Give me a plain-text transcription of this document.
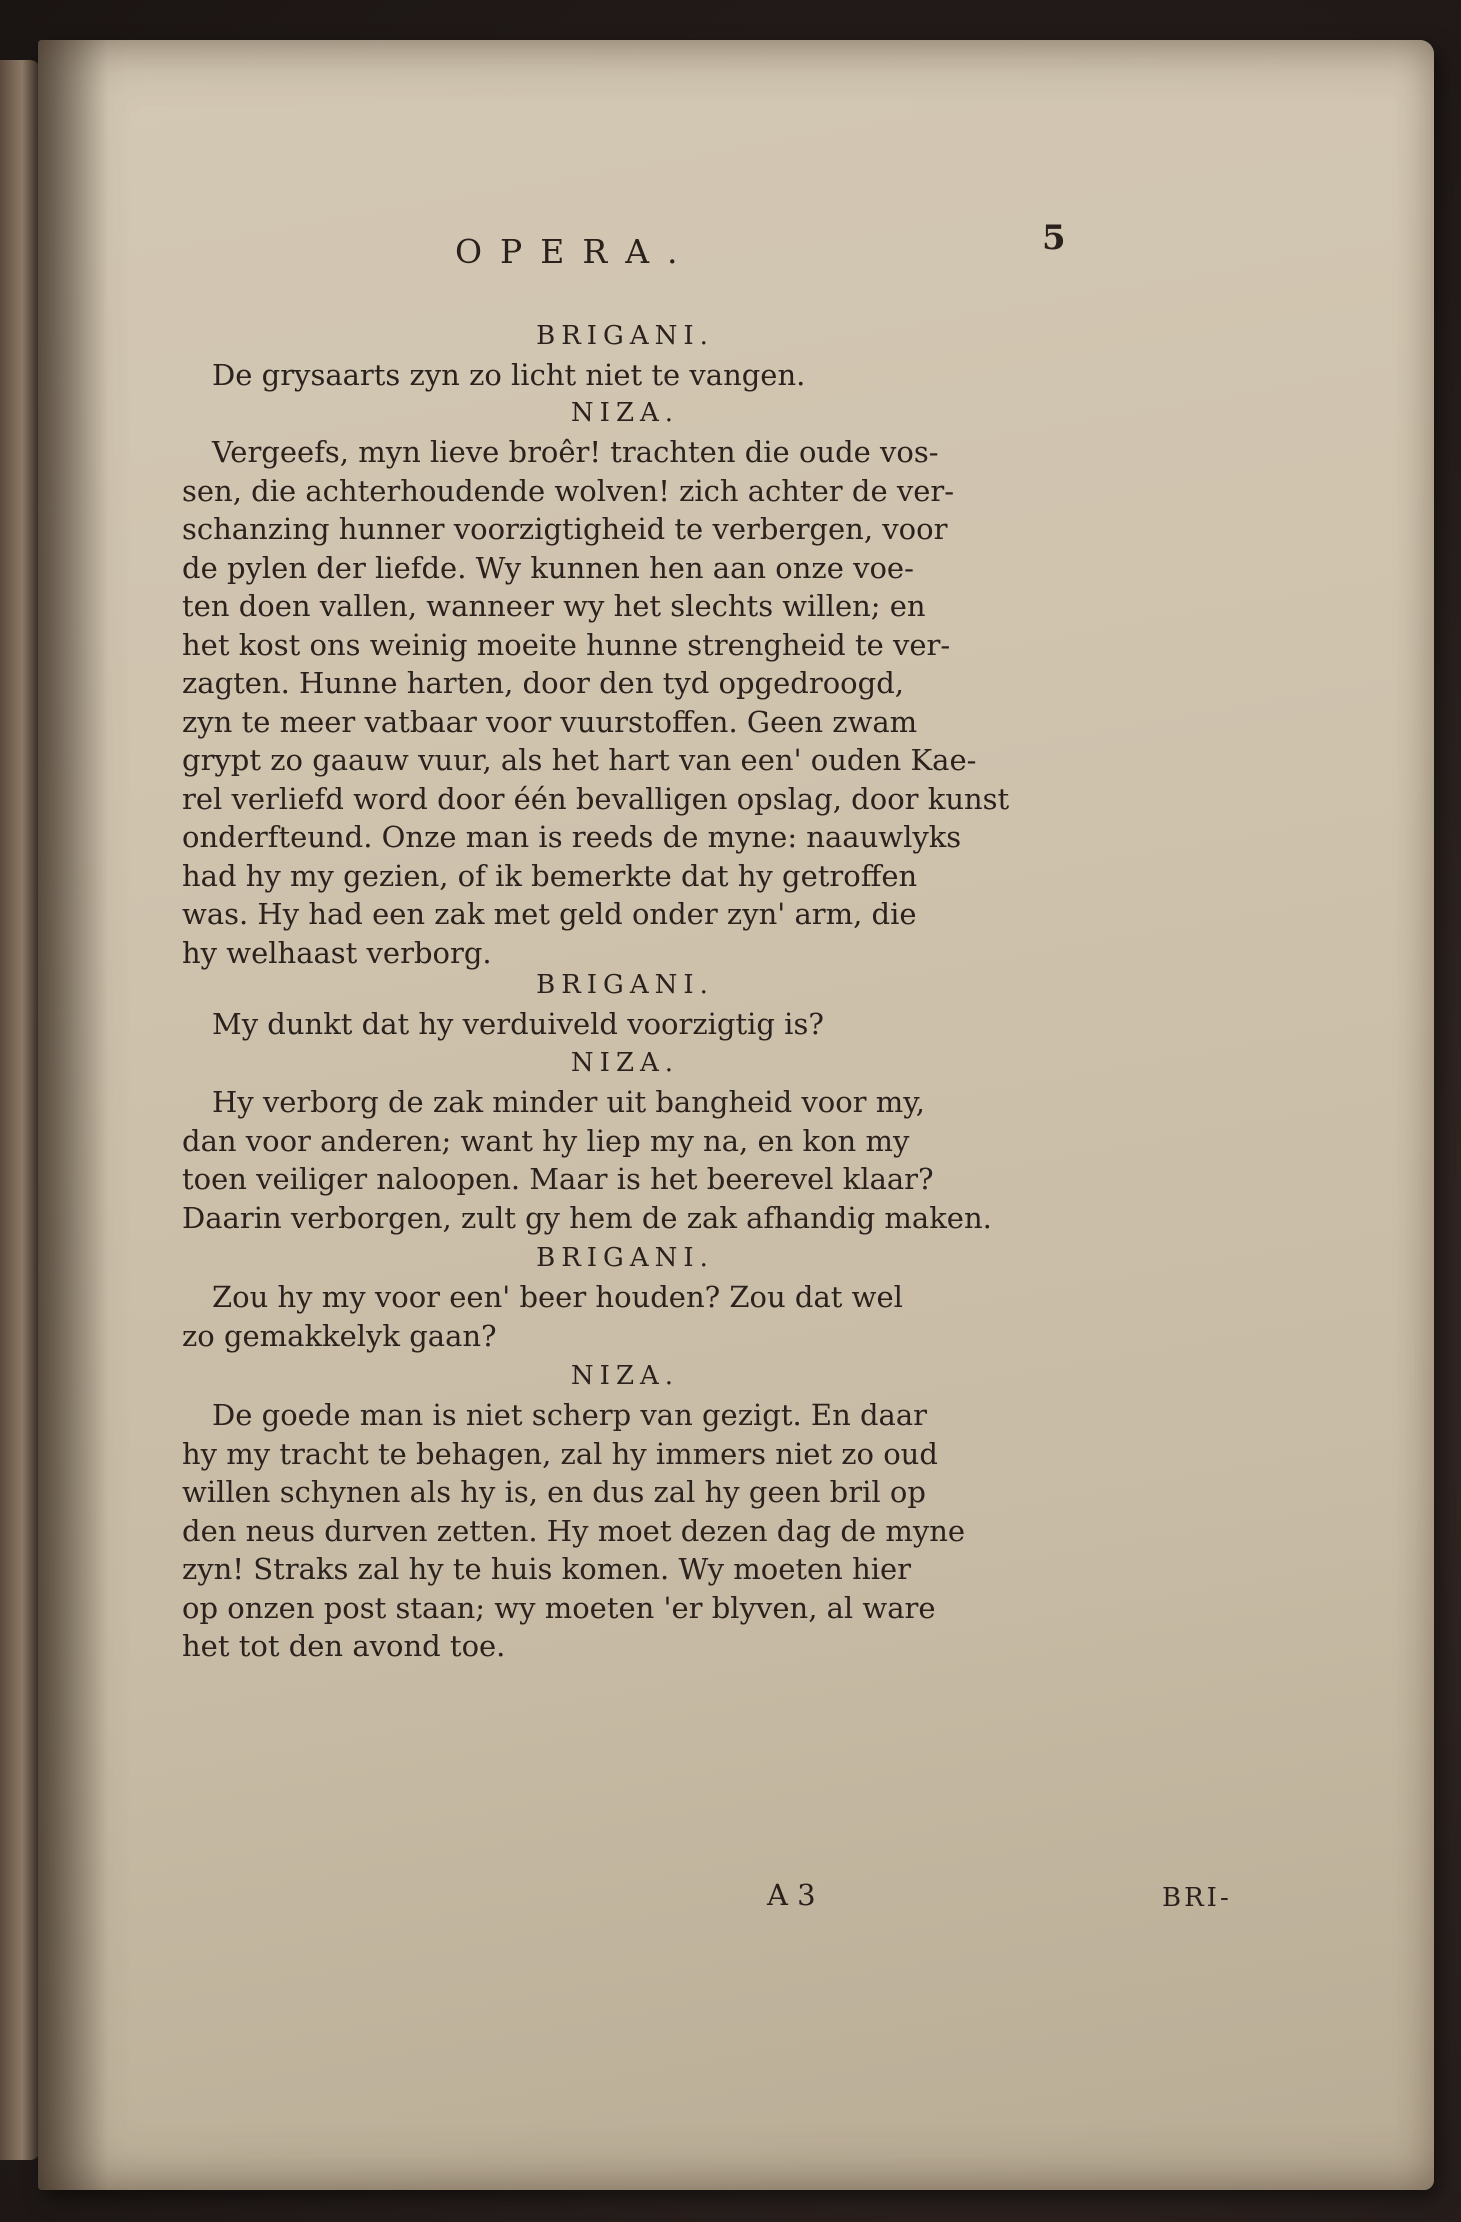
OPERA.	5

BRIGANI.

De grysaarts zyn zo licht niet te vangen.

NIZA.

Vergeefs, myn lieve broêr! trachten die oude vos-

sen, die achterhoudende wolven! zich achter de ver-

schanzing hunner voorzigtigheid te verbergen, voor

de pylen der liefde. Wy kunnen hen aan onze voe-

ten doen vallen, wanneer wy het slechts willen; en

het kost ons weinig moeite hunne strengheid te ver-

zagten. Hunne harten, door den tyd opgedroogd,

zyn te meer vatbaar voor vuurstoffen. Geen zwam

grypt zo gaauw vuur, als het hart van een' ouden Kae-

rel verliefd word door één bevalligen opslag, door kunst

onderfteund. Onze man is reeds de myne: naauwlyks

had hy my gezien, of ik bemerkte dat hy getroffen

was. Hy had een zak met geld onder zyn' arm, die

hy welhaast verborg.

BRIGANI.

My dunkt dat hy verduiveld voorzigtig is?

NIZA.

Hy verborg de zak minder uit bangheid voor my,

dan voor anderen; want hy liep my na, en kon my

toen veiliger naloopen. Maar is het beerevel klaar?

Daarin verborgen, zult gy hem de zak afhandig maken.

BRIGANI.

Zou hy my voor een' beer houden? Zou dat wel

zo gemakkelyk gaan?

NIZA.

De goede man is niet scherp van gezigt. En daar

hy my tracht te behagen, zal hy immers niet zo oud

willen schynen als hy is, en dus zal hy geen bril op

den neus durven zetten. Hy moet dezen dag de myne

zyn! Straks zal hy te huis komen. Wy moeten hier

op onzen post staan; wy moeten 'er blyven, al ware

het tot den avond toe.

A 3	BRI-
